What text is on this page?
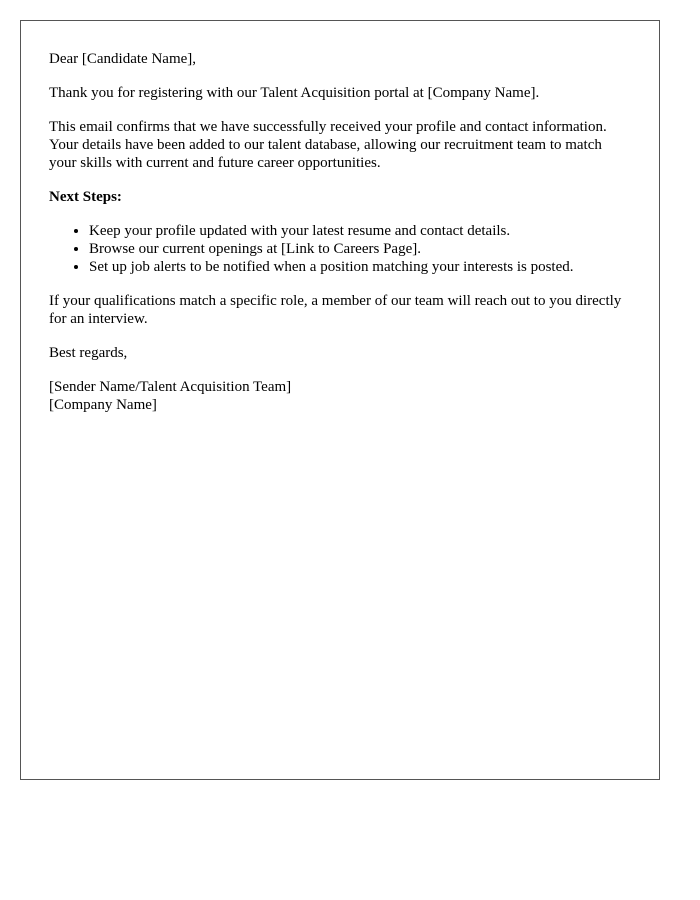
Dear [Candidate Name],

Thank you for registering with our Talent Acquisition portal at [Company Name].

This email confirms that we have successfully received your profile and contact information. Your details have been added to our talent database, allowing our recruitment team to match your skills with current and future career opportunities.

Next Steps:

• Keep your profile updated with your latest resume and contact details.
• Browse our current openings at [Link to Careers Page].
• Set up job alerts to be notified when a position matching your interests is posted.

If your qualifications match a specific role, a member of our team will reach out to you directly for an interview.

Best regards,

[Sender Name/Talent Acquisition Team]
[Company Name]
